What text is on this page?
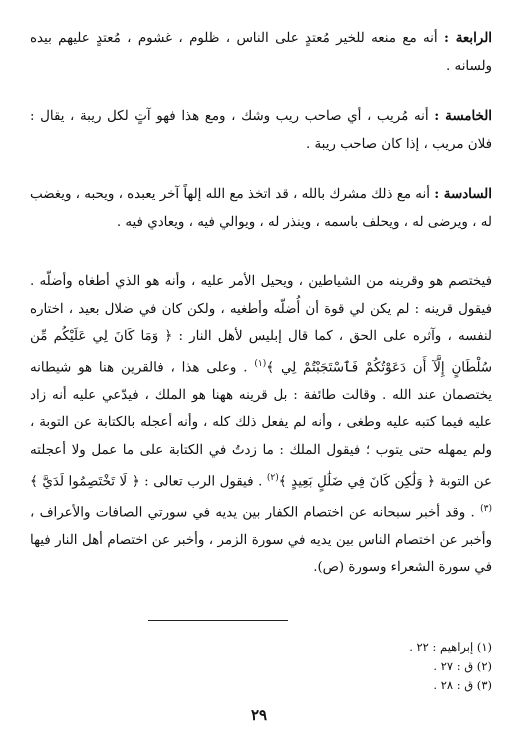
الرابعة : أنه مع منعه للخير مُعتدٍ على الناس ، ظلوم ، غشوم ، مُعتدٍ عليهم بيده ولسانه .

الخامسة : أنه مُريب ، أي صاحب ريب وشك ، ومع هذا فهو آتٍ لكل ريبة ، يقال : فلان مريب ، إذا كان صاحب ريبة .

السادسة : أنه مع ذلك مشرك بالله ، قد اتخذ مع الله إلهاً آخر يعبده ، ويحبه ، ويغضب له ، ويرضى له ، ويحلف باسمه ، وينذر له ، ويوالي فيه ، ويعادي فيه .

فيختصم هو وقرينه من الشياطين ، ويحيل الأمر عليه ، وأنه هو الذي أطغاه وأضلّه . فيقول قرينه : لم يكن لي قوة أن أُضلّه وأطغيه ، ولكن كان في ضلال بعيد ، اختاره لنفسه ، وآثره على الحق ، كما قال إبليس لأهل النار : ﴿ وَمَا كَانَ لِي عَلَيْكُم مِّن سُلْطَانٍ إِلَّآ أَن دَعَوْتُكُمْ فَٱسْتَجَبْتُمْ لِي ﴾$^{(١)}$ . وعلى هذا ، فالقرين هنا هو شيطانه يختصمان عند الله . وقالت طائفة : بل قرينه ههنا هو الملك ، فيدّعي عليه أنه زاد عليه فيما كتبه عليه وطغى ، وأنه لم يفعل ذلك كله ، وأنه أعجله بالكتابة عن التوبة ، ولم يمهله حتى يتوب ؛ فيقول الملك : ما زدتُ في الكتابة على ما عمل ولا أعجلته عن التوبة ﴿ وَلَٰكِن كَانَ فِي ضَلَٰلٍ بَعِيدٍ ﴾$^{(٢)}$ . فيقول الرب تعالى : ﴿ لَا تَخْتَصِمُوا لَدَيَّ ﴾$^{(٣)}$ . وقد أخبر سبحانه عن اختصام الكفار بين يديه في سورتي الصافات والأعراف ، وأخبر عن اختصام الناس بين يديه في سورة الزمر ، وأخبر عن اختصام أهل النار فيها في سورة الشعراء وسورة (ص).

(١) إبراهيم : ٢٢ .
(٢) ق : ٢٧ .
(٣) ق : ٢٨ .
٢٩
